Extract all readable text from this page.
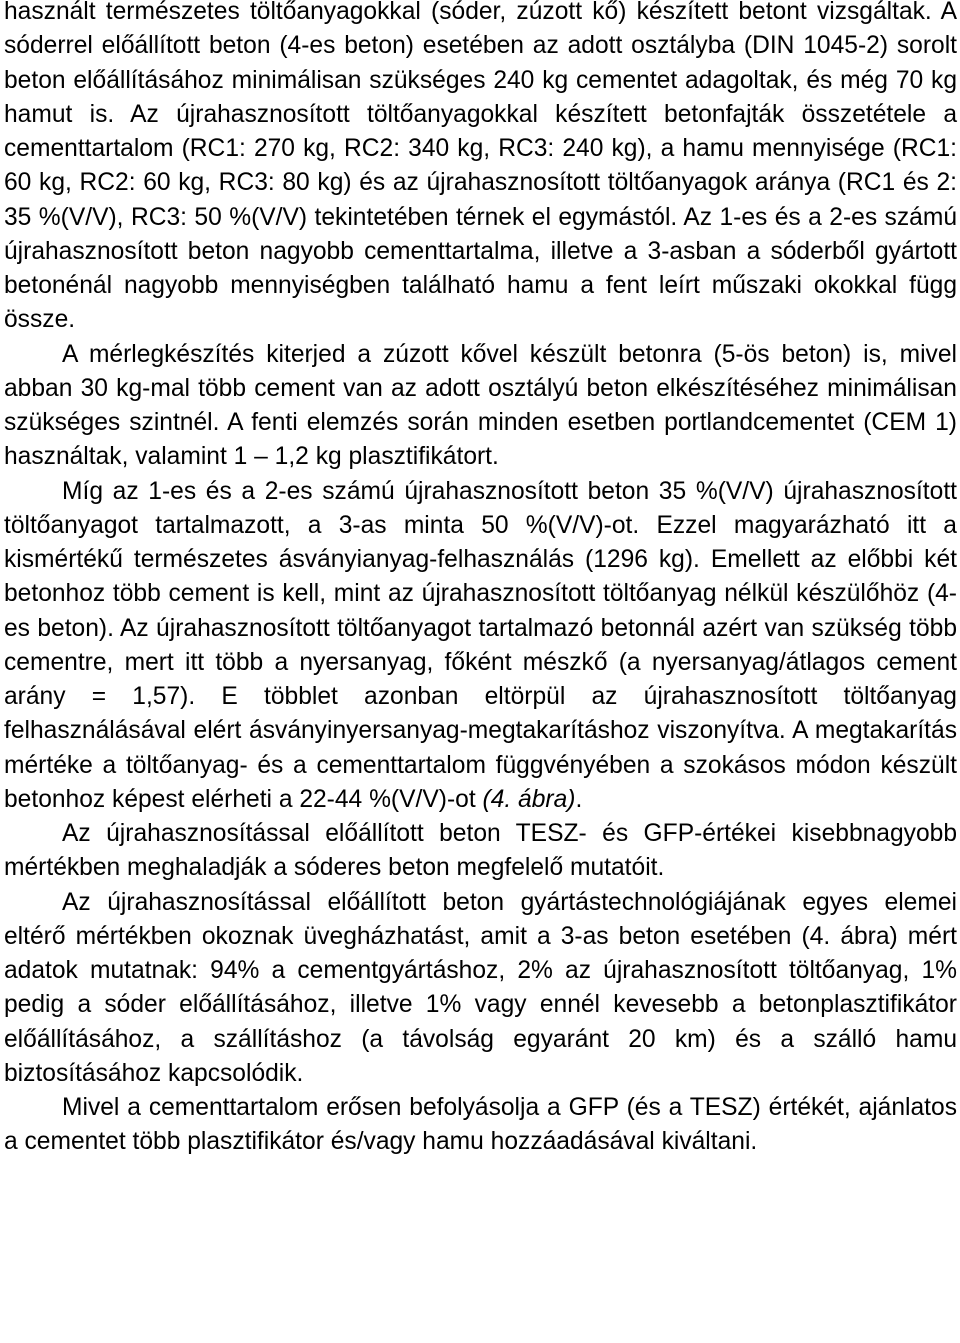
használt természetes töltőanyagokkal (sóder, zúzott kő) készített betont vizsgáltak. A sóderrel előállított beton (4-es beton) esetében az adott osztályba (DIN 1045-2) sorolt beton előállításához minimálisan szükséges 240 kg cementet adagoltak, és még 70 kg hamut is. Az újrahasznosított töltőanyagokkal készített betonfajták összetétele a cementtartalom (RC1: 270 kg, RC2: 340 kg, RC3: 240 kg), a hamu mennyisége (RC1: 60 kg, RC2: 60 kg, RC3: 80 kg) és az újrahasznosított töltőanyagok aránya (RC1 és 2: 35 %(V/V), RC3: 50 %(V/V) tekintetében térnek el egymástól. Az 1-es és a 2-es számú újrahasznosított beton nagyobb cementtartalma, illetve a 3-asban a sóderből gyártott betonénál nagyobb mennyiségben található hamu a fent leírt műszaki okokkal függ össze.

A mérlegkészítés kiterjed a zúzott kővel készült betonra (5-ös beton) is, mivel abban 30 kg-mal több cement van az adott osztályú beton elkészítéséhez minimálisan szükséges szintnél. A fenti elemzés során minden esetben portlandcementet (CEM 1) használtak, valamint 1 – 1,2 kg plasztifikátort.

Míg az 1-es és a 2-es számú újrahasznosított beton 35 %(V/V) újrahasznosított töltőanyagot tartalmazott, a 3-as minta 50 %(V/V)-ot. Ezzel magyarázható itt a kismértékű természetes ásványianyag-felhasználás (1296 kg). Emellett az előbbi két betonhoz több cement is kell, mint az újrahasznosított töltőanyag nélkül készülőhöz (4-es beton). Az újrahasznosított töltőanyagot tartalmazó betonnál azért van szükség több cementre, mert itt több a nyersanyag, főként mészkő (a nyersanyag/átlagos cement arány = 1,57). E többlet azonban eltörpül az újrahasznosított töltőanyag felhasználásával elért ásványinyersanyag-megtakarításhoz viszonyítva. A megtakarítás mértéke a töltőanyag- és a cementtartalom függvényében a szokásos módon készült betonhoz képest elérheti a 22-44 %(V/V)-ot (4. ábra).

Az újrahasznosítással előállított beton TESZ- és GFP-értékei kisebbnagyobb mértékben meghaladják a sóderes beton megfelelő mutatóit.

Az újrahasznosítással előállított beton gyártástechnológiájának egyes elemei eltérő mértékben okoznak üvegházhatást, amit a 3-as beton esetében (4. ábra) mért adatok mutatnak: 94% a cementgyártáshoz, 2% az újrahasznosított töltőanyag, 1% pedig a sóder előállításához, illetve 1% vagy ennél kevesebb a betonplasztifikátor előállításához, a szállításhoz (a távolság egyaránt 20 km) és a szálló hamu biztosításához kapcsolódik.

Mivel a cementtartalom erősen befolyásolja a GFP (és a TESZ) értékét, ajánlatos a cementet több plasztifikátor és/vagy hamu hozzáadásával kiváltani.
